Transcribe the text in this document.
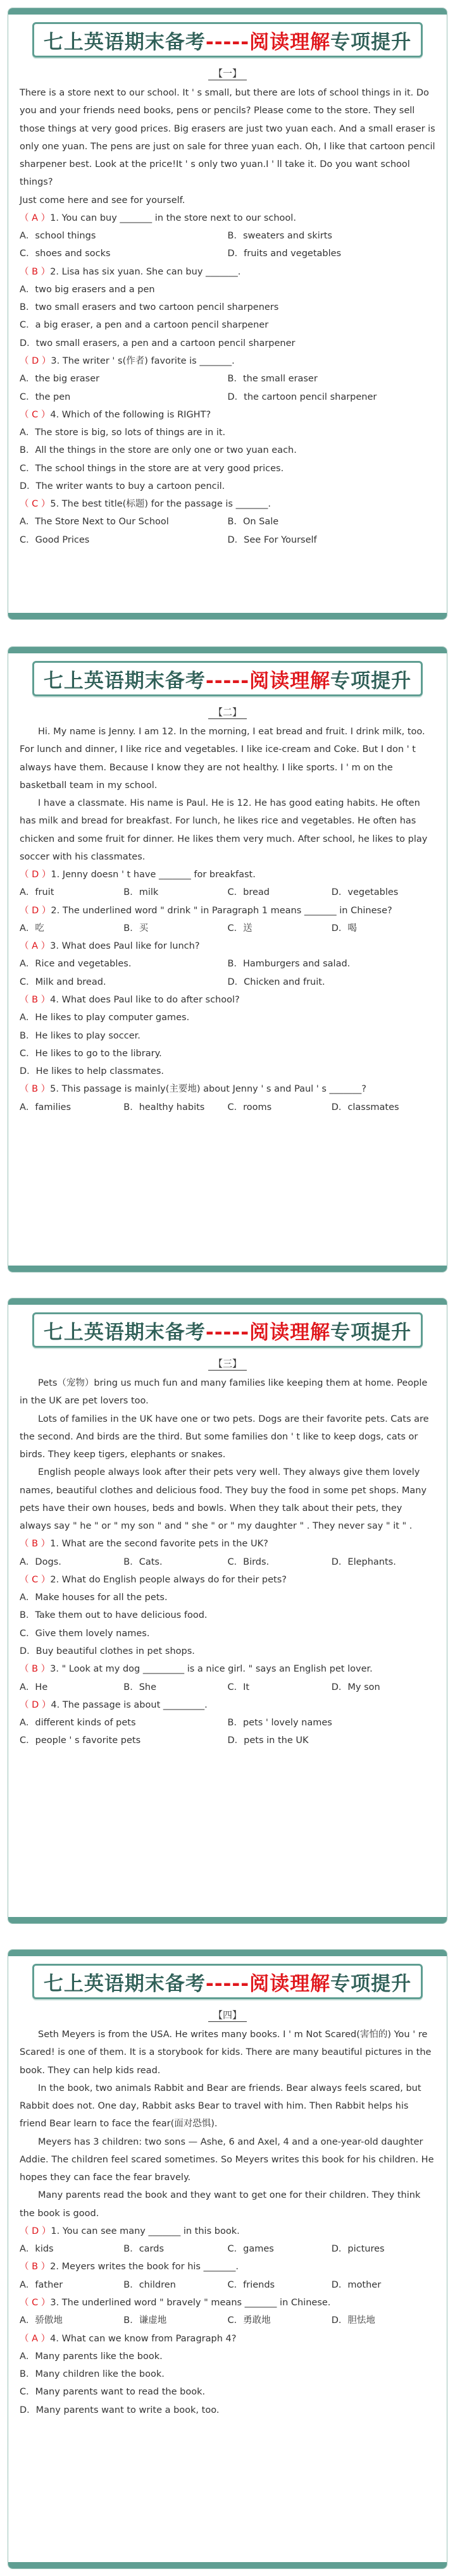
七上英语期末备考-----阅读理解专项提升
【一】

There is a store next to our school. It ' s small, but there are lots of school things in it. Do you and your friends need books, pens or pencils? Please come to the store. They sell those things at very good prices. Big erasers are just two yuan each. And a small eraser is only one yuan. The pens are just on sale for three yuan each. Oh, I like that cartoon pencil sharpener best. Look at the price!It ' s only two yuan.I ' ll take it. Do you want school things?

Just come here and see for yourself.

（ A ）1. You can buy _______ in the store next to our school.

A．school things	B．sweaters and skirts
C．shoes and socks	D．fruits and vegetables

（ B ）2. Lisa has six yuan. She can buy _______.

A．two big erasers and a pen
B．two small erasers and two cartoon pencil sharpeners
C．a big eraser, a pen and a cartoon pencil sharpener
D．two small erasers, a pen and a cartoon pencil sharpener

（ D ）3. The writer ' s(作者) favorite is _______.

A．the big eraser	B．the small eraser
C．the pen	D．the cartoon pencil sharpener

（ C ）4. Which of the following is RIGHT?

A．The store is big, so lots of things are in it.
B．All the things in the store are only one or two yuan each.
C．The school things in the store are at very good prices.
D．The writer wants to buy a cartoon pencil.

（ C ）5. The best title(标题) for the passage is _______.

A．The Store Next to Our School	B．On Sale
C．Good Prices	D．See For Yourself
七上英语期末备考-----阅读理解专项提升
【二】

Hi. My name is Jenny. I am 12. In the morning, I eat bread and fruit. I drink milk, too. For lunch and dinner, I like rice and vegetables. I like ice-cream and Coke. But I don ' t always have them. Because I know they are not healthy. I like sports. I ' m on the basketball team in my school.

I have a classmate. His name is Paul. He is 12. He has good eating habits. He often has milk and bread for breakfast. For lunch, he likes rice and vegetables. He often has chicken and some fruit for dinner. He likes them very much. After school, he likes to play soccer with his classmates.

（ D ）1. Jenny doesn ' t have _______ for breakfast.

A．fruit	B．milk	C．bread	D．vegetables

（ D ）2. The underlined word " drink " in Paragraph 1 means _______ in Chinese?

A．吃	B．买	C．送	D．喝

（ A ）3. What does Paul like for lunch?

A．Rice and vegetables.	B．Hamburgers and salad.
C．Milk and bread.	D．Chicken and fruit.

（ B ）4. What does Paul like to do after school?

A．He likes to play computer games.
B．He likes to play soccer.
C．He likes to go to the library.
D．He likes to help classmates.

（ B ）5. This passage is mainly(主要地) about Jenny ' s and Paul ' s _______?

A．families	B．healthy habits	C．rooms	D．classmates
七上英语期末备考-----阅读理解专项提升
【三】

Pets（宠物）bring us much fun and many families like keeping them at home. People in the UK are pet lovers too.

Lots of families in the UK have one or two pets. Dogs are their favorite pets. Cats are the second. And birds are the third. But some families don ' t like to keep dogs, cats or birds. They keep tigers, elephants or snakes.

English people always look after their pets very well. They always give them lovely names, beautiful clothes and delicious food. They buy the food in some pet shops. Many pets have their own houses, beds and bowls. When they talk about their pets, they always say " he " or " my son " and " she " or " my daughter " . They never say " it " .

（ B ）1. What are the second favorite pets in the UK?

A．Dogs.	B．Cats.	C．Birds.	D．Elephants.

（ C ）2. What do English people always do for their pets?

A．Make houses for all the pets.
B．Take them out to have delicious food.
C．Give them lovely names.
D．Buy beautiful clothes in pet shops.

（ B ）3. " Look at my dog _________ is a nice girl. " says an English pet lover.

A．He	B．She	C．It	D．My son

（ D ）4. The passage is about _________.

A．different kinds of pets	B．pets ' lovely names
C．people ' s favorite pets	D．pets in the UK
七上英语期末备考-----阅读理解专项提升
【四】

Seth Meyers is from the USA. He writes many books. I ' m Not Scared(害怕的) You ' re Scared! is one of them. It is a storybook for kids. There are many beautiful pictures in the book. They can help kids read.

In the book, two animals Rabbit and Bear are friends. Bear always feels scared, but Rabbit does not. One day, Rabbit asks Bear to travel with him. Then Rabbit helps his friend Bear learn to face the fear(面对恐惧).

Meyers has 3 children: two sons — Ashe, 6 and Axel, 4 and a one-year-old daughter Addie. The children feel scared sometimes. So Meyers writes this book for his children. He hopes they can face the fear bravely.

Many parents read the book and they want to get one for their children. They think the book is good.

（ D ）1. You can see many _______ in this book.

A．kids	B．cards	C．games	D．pictures

（ B ）2. Meyers writes the book for his _______.

A．father	B．children	C．friends	D．mother

（ C ）3. The underlined word " bravely " means _______ in Chinese.

A．骄傲地	B．谦虚地	C．勇敢地	D．胆怯地

（ A ）4. What can we know from Paragraph 4?

A．Many parents like the book.
B．Many children like the book.
C．Many parents want to read the book.
D．Many parents want to write a book, too.
